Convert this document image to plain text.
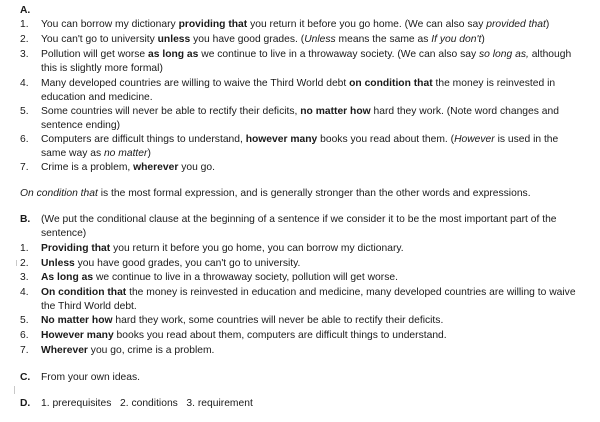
A.
1.	You can borrow my dictionary providing that you return it before you go home. (We can also say provided that)
2.	You can't go to university unless you have good grades. (Unless means the same as If you don't)
3.	Pollution will get worse as long as we continue to live in a throwaway society. (We can also say so long as, although this is slightly more formal)
4.	Many developed countries are willing to waive the Third World debt on condition that the money is reinvested in education and medicine.
5.	Some countries will never be able to rectify their deficits, no matter how hard they work. (Note word changes and sentence ending)
6.	Computers are difficult things to understand, however many books you read about them. (However is used in the same way as no matter)
7.	Crime is a problem, wherever you go.
On condition that is the most formal expression, and is generally stronger than the other words and expressions.
B.	(We put the conditional clause at the beginning of a sentence if we consider it to be the most important part of the sentence)
1.	Providing that you return it before you go home, you can borrow my dictionary.
2.	Unless you have good grades, you can't go to university.
3.	As long as we continue to live in a throwaway society, pollution will get worse.
4.	On condition that the money is reinvested in education and medicine, many developed countries are willing to waive the Third World debt.
5.	No matter how hard they work, some countries will never be able to rectify their deficits.
6.	However many books you read about them, computers are difficult things to understand.
7.	Wherever you go, crime is a problem.
C.	From your own ideas.
D.	1. prerequisites 2. conditions 3. requirement
